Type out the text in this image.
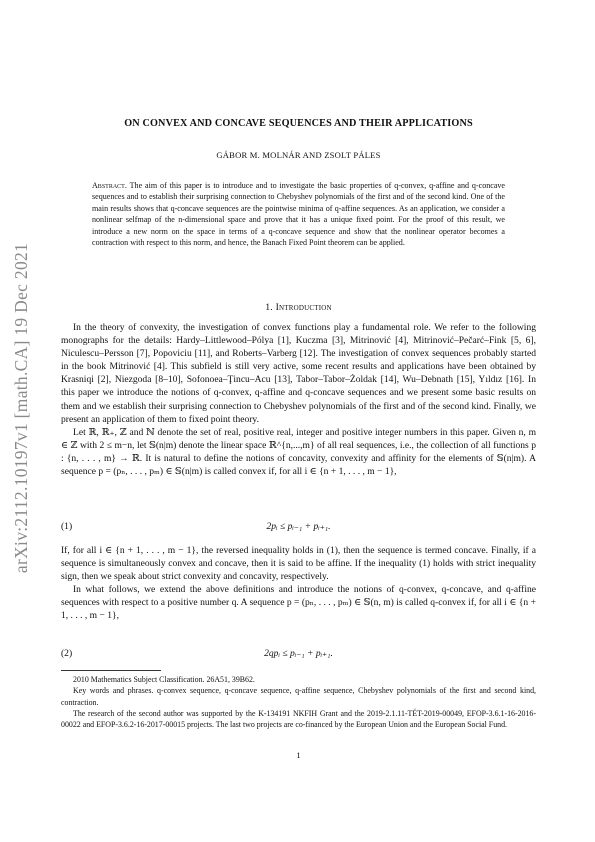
arXiv:2112.10197v1 [math.CA] 19 Dec 2021
ON CONVEX AND CONCAVE SEQUENCES AND THEIR APPLICATIONS
GÁBOR M. MOLNÁR AND ZSOLT PÁLES
Abstract. The aim of this paper is to introduce and to investigate the basic properties of q-convex, q-affine and q-concave sequences and to establish their surprising connection to Chebyshev polynomials of the first and of the second kind. One of the main results shows that q-concave sequences are the pointwise minima of q-affine sequences. As an application, we consider a nonlinear selfmap of the n-dimensional space and prove that it has a unique fixed point. For the proof of this result, we introduce a new norm on the space in terms of a q-concave sequence and show that the nonlinear operator becomes a contraction with respect to this norm, and hence, the Banach Fixed Point theorem can be applied.
1. Introduction

In the theory of convexity, the investigation of convex functions play a fundamental role. We refer to the following monographs for the details: Hardy–Littlewood–Pólya [1], Kuczma [3], Mitrinović [4], Mitrinović–Pečarć–Fink [5, 6], Niculescu–Persson [7], Popoviciu [11], and Roberts–Varberg [12]. The investigation of convex sequences probably started in the book Mitrinović [4]. This subfield is still very active, some recent results and applications have been obtained by Krasniqi [2], Niezgoda [8–10], Sofonoea–Ţincu–Acu [13], Tabor–Tabor–Żoldak [14], Wu–Debnath [15], Yıldız [16]. In this paper we introduce the notions of q-convex, q-affine and q-concave sequences and we present some basic results on them and we establish their surprising connection to Chebyshev polynomials of the first and of the second kind. Finally, we present an application of them to fixed point theory.

Let ℝ, ℝ₊, ℤ and ℕ denote the set of real, positive real, integer and positive integer numbers in this paper. Given n, m ∈ ℤ with 2 ≤ m−n, let 𝕊(n|m) denote the linear space ℝ^{n,...,m} of all real sequences, i.e., the collection of all functions p : {n, . . . , m} → ℝ. It is natural to define the notions of concavity, convexity and affinity for the elements of 𝕊(n|m). A sequence p = (pₙ, . . . , pₘ) ∈ 𝕊(n|m) is called convex if, for all i ∈ {n + 1, . . . , m − 1},

(1)	2pᵢ ≤ pᵢ₋₁ + pᵢ₊₁.

If, for all i ∈ {n + 1, . . . , m − 1}, the reversed inequality holds in (1), then the sequence is termed concave. Finally, if a sequence is simultaneously convex and concave, then it is said to be affine. If the inequality (1) holds with strict inequality sign, then we speak about strict convexity and concavity, respectively.

In what follows, we extend the above definitions and introduce the notions of q-convex, q-concave, and q-affine sequences with respect to a positive number q. A sequence p = (pₙ, . . . , pₘ) ∈ 𝕊(n, m) is called q-convex if, for all i ∈ {n + 1, . . . , m − 1},

(2)	2qpᵢ ≤ pᵢ₋₁ + pᵢ₊₁.

2010 Mathematics Subject Classification. 26A51, 39B62.

Key words and phrases. q-convex sequence, q-concave sequence, q-affine sequence, Chebyshev polynomials of the first and second kind, contraction.

The research of the second author was supported by the K-134191 NKFIH Grant and the 2019-2.1.11-TÉT-2019-00049, EFOP-3.6.1-16-2016-00022 and EFOP-3.6.2-16-2017-00015 projects. The last two projects are co-financed by the European Union and the European Social Fund.

1
